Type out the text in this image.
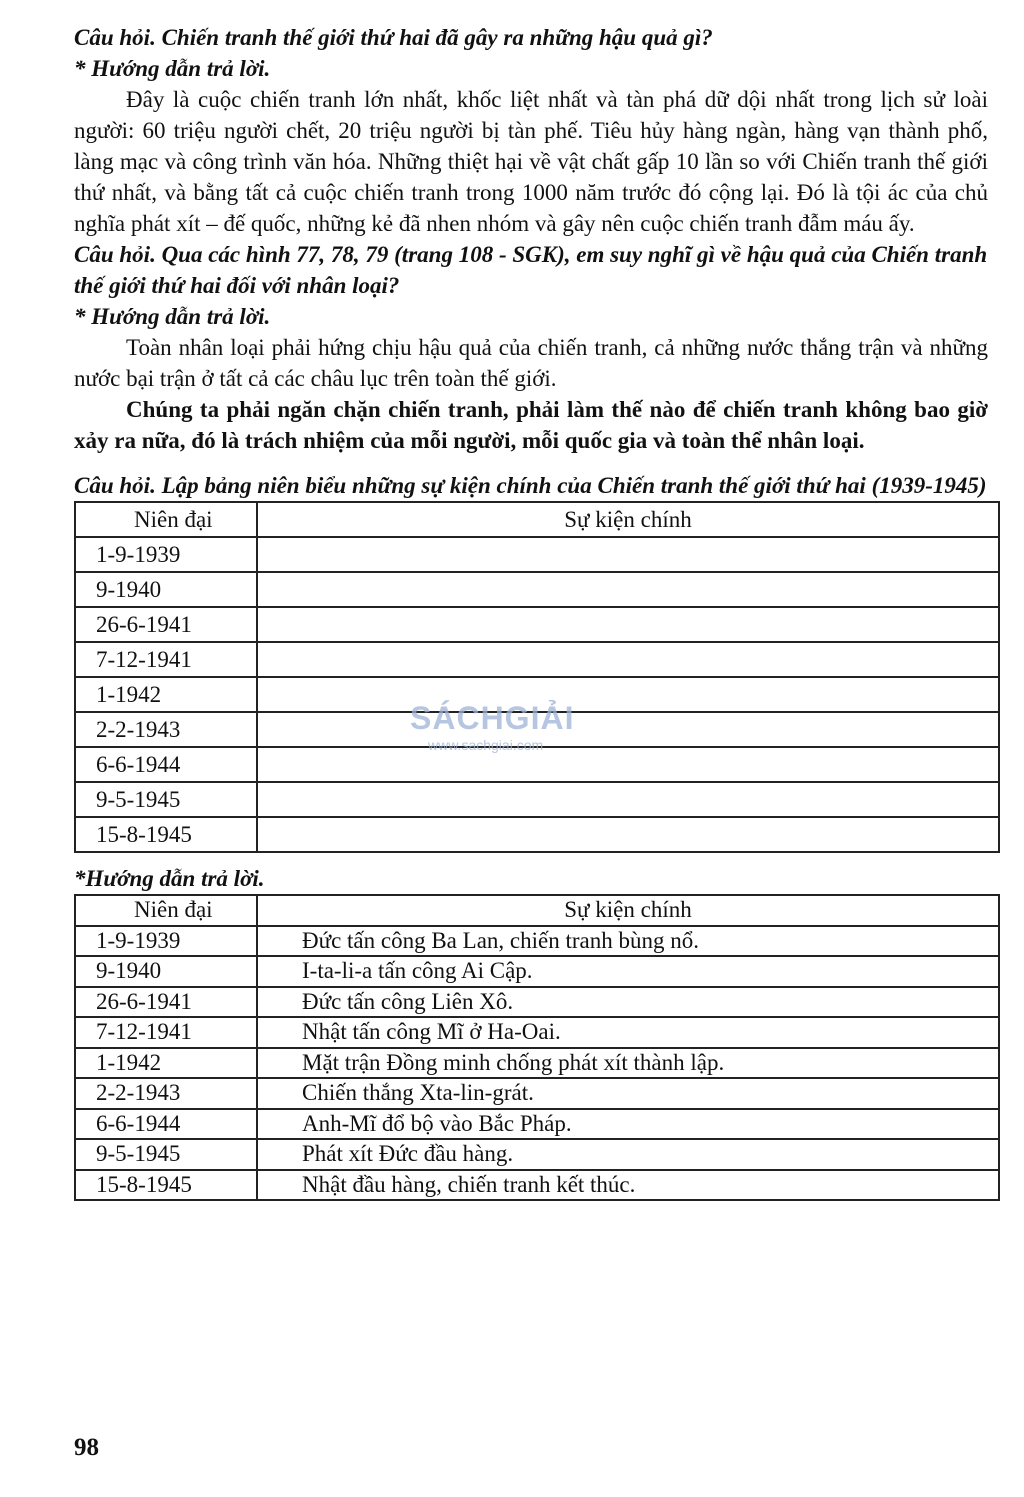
Câu hỏi. Chiến tranh thế giới thứ hai đã gây ra những hậu quả gì?

* Hướng dẫn trả lời.

Đây là cuộc chiến tranh lớn nhất, khốc liệt nhất và tàn phá dữ dội nhất trong lịch sử loài người: 60 triệu người chết, 20 triệu người bị tàn phế. Tiêu hủy hàng ngàn, hàng vạn thành phố, làng mạc và công trình văn hóa. Những thiệt hại về vật chất gấp 10 lần so với Chiến tranh thế giới thứ nhất, và bằng tất cả cuộc chiến tranh trong 1000 năm trước đó cộng lại. Đó là tội ác của chủ nghĩa phát xít – đế quốc, những kẻ đã nhen nhóm và gây nên cuộc chiến tranh đẫm máu ấy.

Câu hỏi. Qua các hình 77, 78, 79 (trang 108 - SGK), em suy nghĩ gì về hậu quả của Chiến tranh thế giới thứ hai đối với nhân loại?

* Hướng dẫn trả lời.

Toàn nhân loại phải hứng chịu hậu quả của chiến tranh, cả những nước thắng trận và những nước bại trận ở tất cả các châu lục trên toàn thế giới.

Chúng ta phải ngăn chặn chiến tranh, phải làm thế nào để chiến tranh không bao giờ xảy ra nữa, đó là trách nhiệm của mỗi người, mỗi quốc gia và toàn thể nhân loại.

Câu hỏi. Lập bảng niên biểu những sự kiện chính của Chiến tranh thế giới thứ hai (1939-1945)

Niên đại	Sự kiện chính
1-9-1939	
9-1940	
26-6-1941	
7-12-1941	
1-1942	
2-2-1943	
6-6-1944	
9-5-1945	
15-8-1945	

*Hướng dẫn trả lời.

Niên đại	Sự kiện chính
1-9-1939	Đức tấn công Ba Lan, chiến tranh bùng nổ.
9-1940	I-ta-li-a tấn công Ai Cập.
26-6-1941	Đức tấn công Liên Xô.
7-12-1941	Nhật tấn công Mĩ ở Ha-Oai.
1-1942	Mặt trận Đồng minh chống phát xít thành lập.
2-2-1943	Chiến thắng Xta-lin-grát.
6-6-1944	Anh-Mĩ đổ bộ vào Bắc Pháp.
9-5-1945	Phát xít Đức đầu hàng.
15-8-1945	Nhật đầu hàng, chiến tranh kết thúc.
SÁCHGIẢI
www.sachgiai.com
98
